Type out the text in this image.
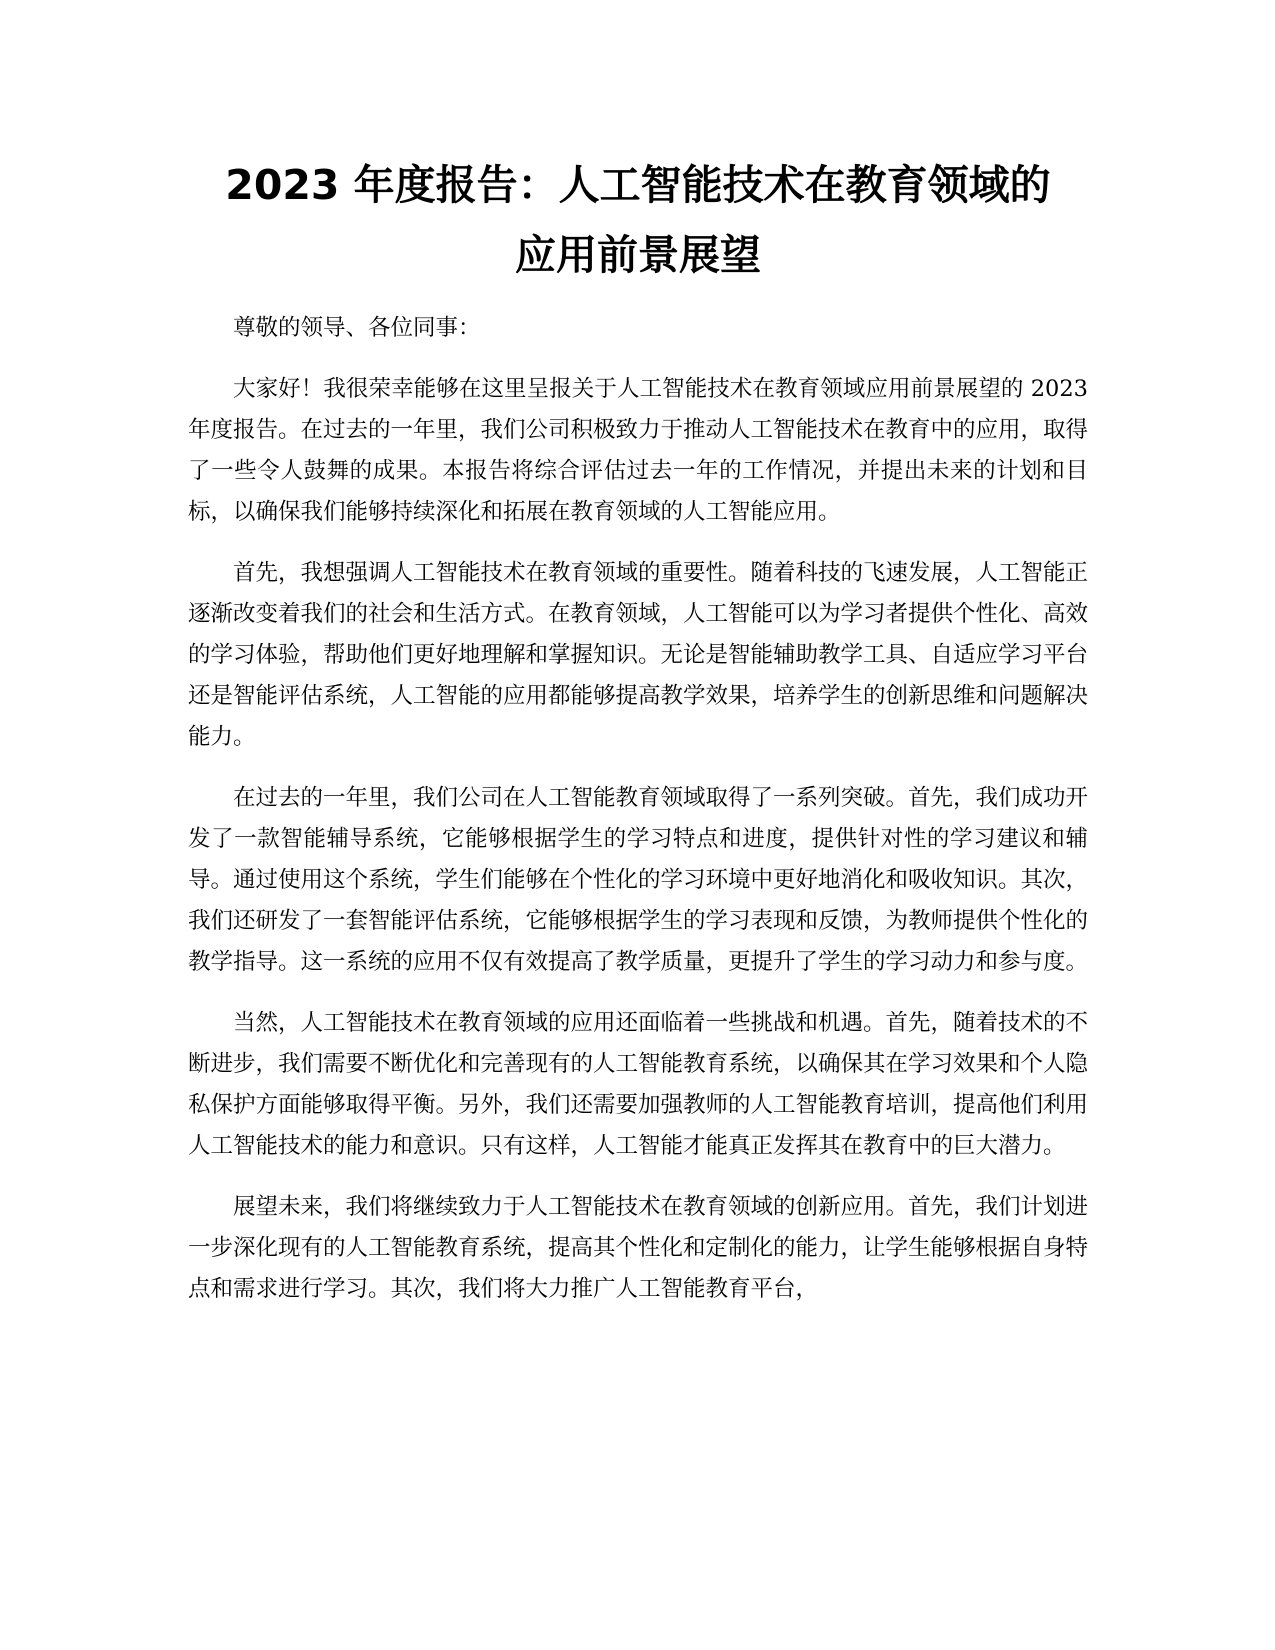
2023 年度报告：人工智能技术在教育领域的
应用前景展望

尊敬的领导、各位同事：

大家好！我很荣幸能够在这里呈报关于人工智能技术在教育领域应用前景展望的 2023 年度报告。在过去的一年里，我们公司积极致力于推动人工智能技术在教育中的应用，取得了一些令人鼓舞的成果。本报告将综合评估过去一年的工作情况，并提出未来的计划和目标，以确保我们能够持续深化和拓展在教育领域的人工智能应用。

首先，我想强调人工智能技术在教育领域的重要性。随着科技的飞速发展，人工智能正逐渐改变着我们的社会和生活方式。在教育领域，人工智能可以为学习者提供个性化、高效的学习体验，帮助他们更好地理解和掌握知识。无论是智能辅助教学工具、自适应学习平台还是智能评估系统，人工智能的应用都能够提高教学效果，培养学生的创新思维和问题解决能力。

在过去的一年里，我们公司在人工智能教育领域取得了一系列突破。首先，我们成功开发了一款智能辅导系统，它能够根据学生的学习特点和进度，提供针对性的学习建议和辅导。通过使用这个系统，学生们能够在个性化的学习环境中更好地消化和吸收知识。其次，我们还研发了一套智能评估系统，它能够根据学生的学习表现和反馈，为教师提供个性化的教学指导。这一系统的应用不仅有效提高了教学质量，更提升了学生的学习动力和参与度。

当然，人工智能技术在教育领域的应用还面临着一些挑战和机遇。首先，随着技术的不断进步，我们需要不断优化和完善现有的人工智能教育系统，以确保其在学习效果和个人隐私保护方面能够取得平衡。另外，我们还需要加强教师的人工智能教育培训，提高他们利用人工智能技术的能力和意识。只有这样，人工智能才能真正发挥其在教育中的巨大潜力。

展望未来，我们将继续致力于人工智能技术在教育领域的创新应用。首先，我们计划进一步深化现有的人工智能教育系统，提高其个性化和定制化的能力，让学生能够根据自身特点和需求进行学习。其次，我们将大力推广人工智能教育平台，
